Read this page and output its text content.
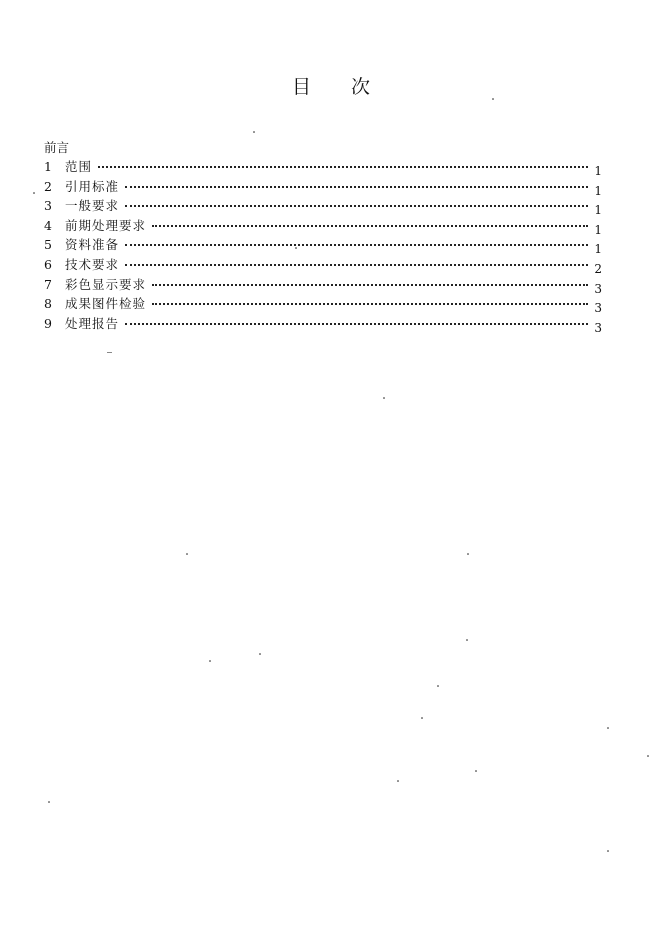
目 次
前言
1	范围	1
2	引用标准	1
3	一般要求	1
4	前期处理要求	1
5	资料准备	1
6	技术要求	2
7	彩色显示要求	3
8	成果图件检验	3
9	处理报告	3
